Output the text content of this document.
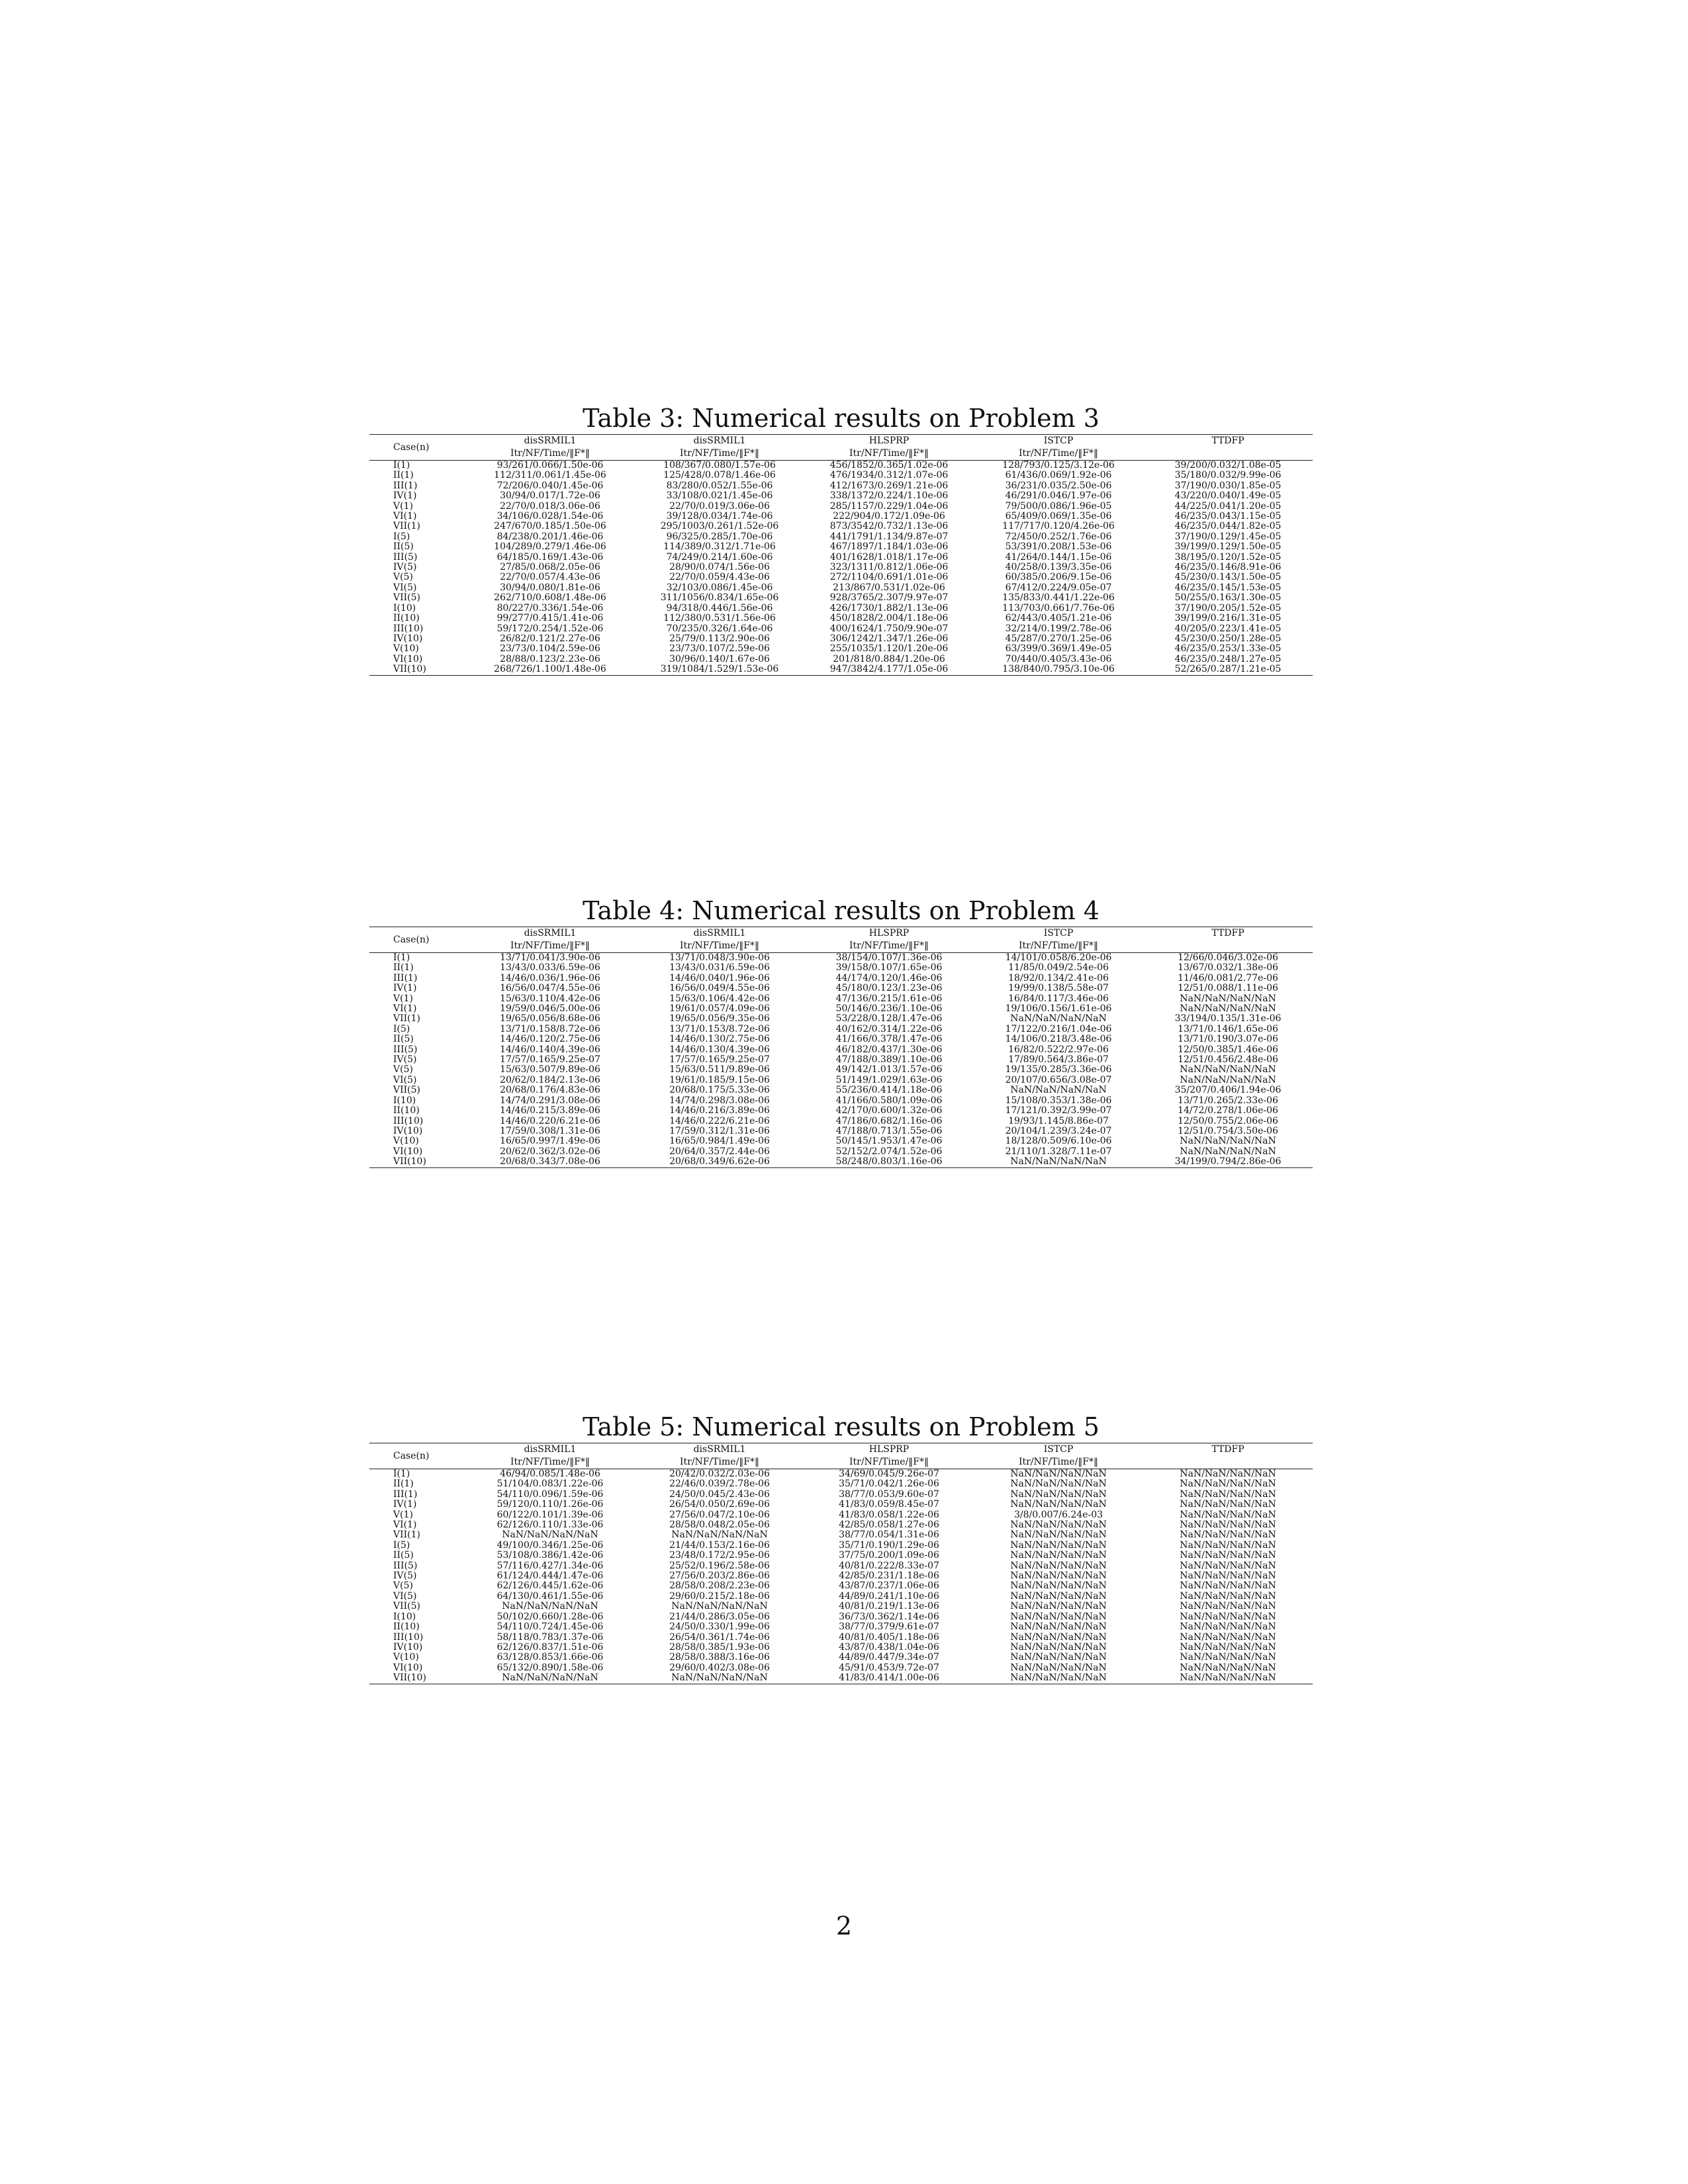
Table 3: Numerical results on Problem 3
Case(n)	disSRMIL1	disSRMIL1	HLSPRP	ISTCP	TTDFP
	Itr/NF/Time/‖F*‖	Itr/NF/Time/‖F*‖	Itr/NF/Time/‖F*‖	Itr/NF/Time/‖F*‖	
I(1)	93/261/0.066/1.50e-06	108/367/0.080/1.57e-06	456/1852/0.365/1.02e-06	128/793/0.125/3.12e-06	39/200/0.032/1.08e-05
II(1)	112/311/0.061/1.45e-06	125/428/0.078/1.46e-06	476/1934/0.312/1.07e-06	61/436/0.069/1.92e-06	35/180/0.032/9.99e-06
III(1)	72/206/0.040/1.45e-06	83/280/0.052/1.55e-06	412/1673/0.269/1.21e-06	36/231/0.035/2.50e-06	37/190/0.030/1.85e-05
IV(1)	30/94/0.017/1.72e-06	33/108/0.021/1.45e-06	338/1372/0.224/1.10e-06	46/291/0.046/1.97e-06	43/220/0.040/1.49e-05
V(1)	22/70/0.018/3.06e-06	22/70/0.019/3.06e-06	285/1157/0.229/1.04e-06	79/500/0.086/1.96e-05	44/225/0.041/1.20e-05
VI(1)	34/106/0.028/1.54e-06	39/128/0.034/1.74e-06	222/904/0.172/1.09e-06	65/409/0.069/1.35e-06	46/235/0.043/1.15e-05
VII(1)	247/670/0.185/1.50e-06	295/1003/0.261/1.52e-06	873/3542/0.732/1.13e-06	117/717/0.120/4.26e-06	46/235/0.044/1.82e-05
I(5)	84/238/0.201/1.46e-06	96/325/0.285/1.70e-06	441/1791/1.134/9.87e-07	72/450/0.252/1.76e-06	37/190/0.129/1.45e-05
II(5)	104/289/0.279/1.46e-06	114/389/0.312/1.71e-06	467/1897/1.184/1.03e-06	53/391/0.208/1.53e-06	39/199/0.129/1.50e-05
III(5)	64/185/0.169/1.43e-06	74/249/0.214/1.60e-06	401/1628/1.018/1.17e-06	41/264/0.144/1.15e-06	38/195/0.120/1.52e-05
IV(5)	27/85/0.068/2.05e-06	28/90/0.074/1.56e-06	323/1311/0.812/1.06e-06	40/258/0.139/3.35e-06	46/235/0.146/8.91e-06
V(5)	22/70/0.057/4.43e-06	22/70/0.059/4.43e-06	272/1104/0.691/1.01e-06	60/385/0.206/9.15e-06	45/230/0.143/1.50e-05
VI(5)	30/94/0.080/1.81e-06	32/103/0.086/1.45e-06	213/867/0.531/1.02e-06	67/412/0.224/9.05e-07	46/235/0.145/1.53e-05
VII(5)	262/710/0.608/1.48e-06	311/1056/0.834/1.65e-06	928/3765/2.307/9.97e-07	135/833/0.441/1.22e-06	50/255/0.163/1.30e-05
I(10)	80/227/0.336/1.54e-06	94/318/0.446/1.56e-06	426/1730/1.882/1.13e-06	113/703/0.661/7.76e-06	37/190/0.205/1.52e-05
II(10)	99/277/0.415/1.41e-06	112/380/0.531/1.56e-06	450/1828/2.004/1.18e-06	62/443/0.405/1.21e-06	39/199/0.216/1.31e-05
III(10)	59/172/0.254/1.52e-06	70/235/0.326/1.64e-06	400/1624/1.750/9.90e-07	32/214/0.199/2.78e-06	40/205/0.223/1.41e-05
IV(10)	26/82/0.121/2.27e-06	25/79/0.113/2.90e-06	306/1242/1.347/1.26e-06	45/287/0.270/1.25e-06	45/230/0.250/1.28e-05
V(10)	23/73/0.104/2.59e-06	23/73/0.107/2.59e-06	255/1035/1.120/1.20e-06	63/399/0.369/1.49e-05	46/235/0.253/1.33e-05
VI(10)	28/88/0.123/2.23e-06	30/96/0.140/1.67e-06	201/818/0.884/1.20e-06	70/440/0.405/3.43e-06	46/235/0.248/1.27e-05
VII(10)	268/726/1.100/1.48e-06	319/1084/1.529/1.53e-06	947/3842/4.177/1.05e-06	138/840/0.795/3.10e-06	52/265/0.287/1.21e-05
Table 4: Numerical results on Problem 4
Case(n)	disSRMIL1	disSRMIL1	HLSPRP	ISTCP	TTDFP
	Itr/NF/Time/‖F*‖	Itr/NF/Time/‖F*‖	Itr/NF/Time/‖F*‖	Itr/NF/Time/‖F*‖	
I(1)	13/71/0.041/3.90e-06	13/71/0.048/3.90e-06	38/154/0.107/1.36e-06	14/101/0.058/6.20e-06	12/66/0.046/3.02e-06
II(1)	13/43/0.033/6.59e-06	13/43/0.031/6.59e-06	39/158/0.107/1.65e-06	11/85/0.049/2.54e-06	13/67/0.032/1.38e-06
III(1)	14/46/0.036/1.96e-06	14/46/0.040/1.96e-06	44/174/0.120/1.46e-06	18/92/0.134/2.41e-06	11/46/0.081/2.77e-06
IV(1)	16/56/0.047/4.55e-06	16/56/0.049/4.55e-06	45/180/0.123/1.23e-06	19/99/0.138/5.58e-07	12/51/0.088/1.11e-06
V(1)	15/63/0.110/4.42e-06	15/63/0.106/4.42e-06	47/136/0.215/1.61e-06	16/84/0.117/3.46e-06	NaN/NaN/NaN/NaN
VI(1)	19/59/0.046/5.00e-06	19/61/0.057/4.09e-06	50/146/0.236/1.10e-06	19/106/0.156/1.61e-06	NaN/NaN/NaN/NaN
VII(1)	19/65/0.056/8.68e-06	19/65/0.056/9.35e-06	53/228/0.128/1.47e-06	NaN/NaN/NaN/NaN	33/194/0.135/1.31e-06
I(5)	13/71/0.158/8.72e-06	13/71/0.153/8.72e-06	40/162/0.314/1.22e-06	17/122/0.216/1.04e-06	13/71/0.146/1.65e-06
II(5)	14/46/0.120/2.75e-06	14/46/0.130/2.75e-06	41/166/0.378/1.47e-06	14/106/0.218/3.48e-06	13/71/0.190/3.07e-06
III(5)	14/46/0.140/4.39e-06	14/46/0.130/4.39e-06	46/182/0.437/1.30e-06	16/82/0.522/2.97e-06	12/50/0.385/1.46e-06
IV(5)	17/57/0.165/9.25e-07	17/57/0.165/9.25e-07	47/188/0.389/1.10e-06	17/89/0.564/3.86e-07	12/51/0.456/2.48e-06
V(5)	15/63/0.507/9.89e-06	15/63/0.511/9.89e-06	49/142/1.013/1.57e-06	19/135/0.285/3.36e-06	NaN/NaN/NaN/NaN
VI(5)	20/62/0.184/2.13e-06	19/61/0.185/9.15e-06	51/149/1.029/1.63e-06	20/107/0.656/3.08e-07	NaN/NaN/NaN/NaN
VII(5)	20/68/0.176/4.83e-06	20/68/0.175/5.33e-06	55/236/0.414/1.18e-06	NaN/NaN/NaN/NaN	35/207/0.406/1.94e-06
I(10)	14/74/0.291/3.08e-06	14/74/0.298/3.08e-06	41/166/0.580/1.09e-06	15/108/0.353/1.38e-06	13/71/0.265/2.33e-06
II(10)	14/46/0.215/3.89e-06	14/46/0.216/3.89e-06	42/170/0.600/1.32e-06	17/121/0.392/3.99e-07	14/72/0.278/1.06e-06
III(10)	14/46/0.220/6.21e-06	14/46/0.222/6.21e-06	47/186/0.682/1.16e-06	19/93/1.145/8.86e-07	12/50/0.755/2.06e-06
IV(10)	17/59/0.308/1.31e-06	17/59/0.312/1.31e-06	47/188/0.713/1.55e-06	20/104/1.239/3.24e-07	12/51/0.754/3.50e-06
V(10)	16/65/0.997/1.49e-06	16/65/0.984/1.49e-06	50/145/1.953/1.47e-06	18/128/0.509/6.10e-06	NaN/NaN/NaN/NaN
VI(10)	20/62/0.362/3.02e-06	20/64/0.357/2.44e-06	52/152/2.074/1.52e-06	21/110/1.328/7.11e-07	NaN/NaN/NaN/NaN
VII(10)	20/68/0.343/7.08e-06	20/68/0.349/6.62e-06	58/248/0.803/1.16e-06	NaN/NaN/NaN/NaN	34/199/0.794/2.86e-06
Table 5: Numerical results on Problem 5
Case(n)	disSRMIL1	disSRMIL1	HLSPRP	ISTCP	TTDFP
	Itr/NF/Time/‖F*‖	Itr/NF/Time/‖F*‖	Itr/NF/Time/‖F*‖	Itr/NF/Time/‖F*‖	
I(1)	46/94/0.085/1.48e-06	20/42/0.032/2.03e-06	34/69/0.045/9.26e-07	NaN/NaN/NaN/NaN	NaN/NaN/NaN/NaN
II(1)	51/104/0.083/1.22e-06	22/46/0.039/2.78e-06	35/71/0.042/1.26e-06	NaN/NaN/NaN/NaN	NaN/NaN/NaN/NaN
III(1)	54/110/0.096/1.59e-06	24/50/0.045/2.43e-06	38/77/0.053/9.60e-07	NaN/NaN/NaN/NaN	NaN/NaN/NaN/NaN
IV(1)	59/120/0.110/1.26e-06	26/54/0.050/2.69e-06	41/83/0.059/8.45e-07	NaN/NaN/NaN/NaN	NaN/NaN/NaN/NaN
V(1)	60/122/0.101/1.39e-06	27/56/0.047/2.10e-06	41/83/0.058/1.22e-06	3/8/0.007/6.24e-03	NaN/NaN/NaN/NaN
VI(1)	62/126/0.110/1.33e-06	28/58/0.048/2.05e-06	42/85/0.058/1.27e-06	NaN/NaN/NaN/NaN	NaN/NaN/NaN/NaN
VII(1)	NaN/NaN/NaN/NaN	NaN/NaN/NaN/NaN	38/77/0.054/1.31e-06	NaN/NaN/NaN/NaN	NaN/NaN/NaN/NaN
I(5)	49/100/0.346/1.25e-06	21/44/0.153/2.16e-06	35/71/0.190/1.29e-06	NaN/NaN/NaN/NaN	NaN/NaN/NaN/NaN
II(5)	53/108/0.386/1.42e-06	23/48/0.172/2.95e-06	37/75/0.200/1.09e-06	NaN/NaN/NaN/NaN	NaN/NaN/NaN/NaN
III(5)	57/116/0.427/1.34e-06	25/52/0.196/2.58e-06	40/81/0.222/8.33e-07	NaN/NaN/NaN/NaN	NaN/NaN/NaN/NaN
IV(5)	61/124/0.444/1.47e-06	27/56/0.203/2.86e-06	42/85/0.231/1.18e-06	NaN/NaN/NaN/NaN	NaN/NaN/NaN/NaN
V(5)	62/126/0.445/1.62e-06	28/58/0.208/2.23e-06	43/87/0.237/1.06e-06	NaN/NaN/NaN/NaN	NaN/NaN/NaN/NaN
VI(5)	64/130/0.461/1.55e-06	29/60/0.215/2.18e-06	44/89/0.241/1.10e-06	NaN/NaN/NaN/NaN	NaN/NaN/NaN/NaN
VII(5)	NaN/NaN/NaN/NaN	NaN/NaN/NaN/NaN	40/81/0.219/1.13e-06	NaN/NaN/NaN/NaN	NaN/NaN/NaN/NaN
I(10)	50/102/0.660/1.28e-06	21/44/0.286/3.05e-06	36/73/0.362/1.14e-06	NaN/NaN/NaN/NaN	NaN/NaN/NaN/NaN
II(10)	54/110/0.724/1.45e-06	24/50/0.330/1.99e-06	38/77/0.379/9.61e-07	NaN/NaN/NaN/NaN	NaN/NaN/NaN/NaN
III(10)	58/118/0.783/1.37e-06	26/54/0.361/1.74e-06	40/81/0.405/1.18e-06	NaN/NaN/NaN/NaN	NaN/NaN/NaN/NaN
IV(10)	62/126/0.837/1.51e-06	28/58/0.385/1.93e-06	43/87/0.438/1.04e-06	NaN/NaN/NaN/NaN	NaN/NaN/NaN/NaN
V(10)	63/128/0.853/1.66e-06	28/58/0.388/3.16e-06	44/89/0.447/9.34e-07	NaN/NaN/NaN/NaN	NaN/NaN/NaN/NaN
VI(10)	65/132/0.890/1.58e-06	29/60/0.402/3.08e-06	45/91/0.453/9.72e-07	NaN/NaN/NaN/NaN	NaN/NaN/NaN/NaN
VII(10)	NaN/NaN/NaN/NaN	NaN/NaN/NaN/NaN	41/83/0.414/1.00e-06	NaN/NaN/NaN/NaN	NaN/NaN/NaN/NaN
2
